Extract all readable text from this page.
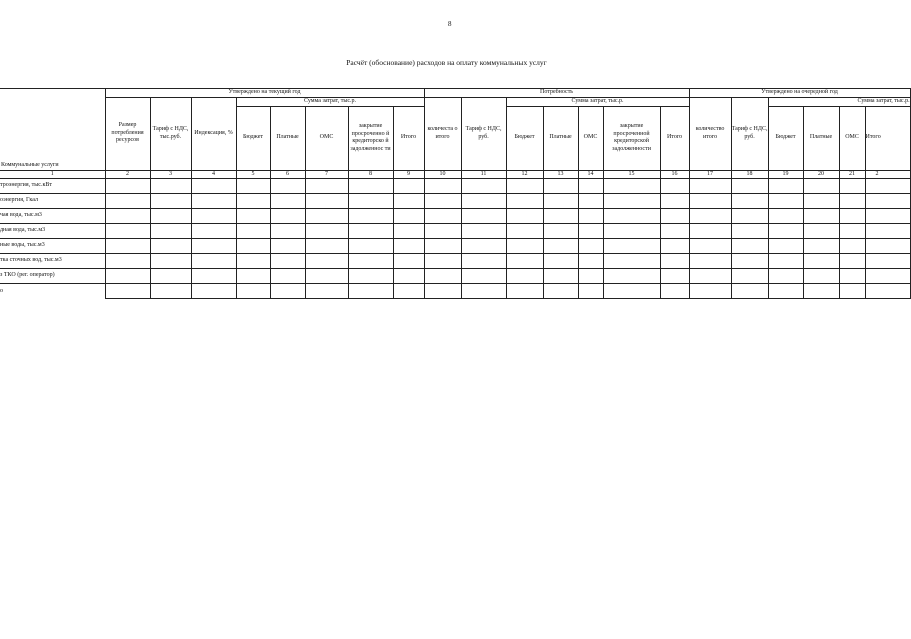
8
Расчёт (обоснование) расходов на оплату коммунальных услуг
Коммунальные услуги	Утверждено на текущий год								Потребность							Утверждено на очередной год					
	Размер потребления ресурсов	Тариф с НДС, тыс.руб.	Индексация, %	Сумма затрат, тыс.р.					количеста о итого	Тариф с НДС, руб.	Сумма затрат, тыс.р.					количество итого	Тариф с НДС, руб.	Сумма затрат, тыс.р.			

				Бюджет	Платные	ОМС	закрытие просроченно й кредиторско й задолженнос ти	Итого			Бюджет	Платные	ОМС	закрытие просроченной кредиторской задолженности	Итого			Бюджет	Платные	ОМС	Итого

1	2	3	4	5	6	7	8	9	10	11	12	13	14	15	16	17	18	19	20	21	2

троэнергия, тыс.кВт																					
оэнергия, Гкал																					
чая вода, тыс.м3																					
дная вода, тыс.м3																					
ные воды, тыс.м3																					
тка сточных вод, тыс.м3																					
з ТКО (рег. оператор)																					
о																					
